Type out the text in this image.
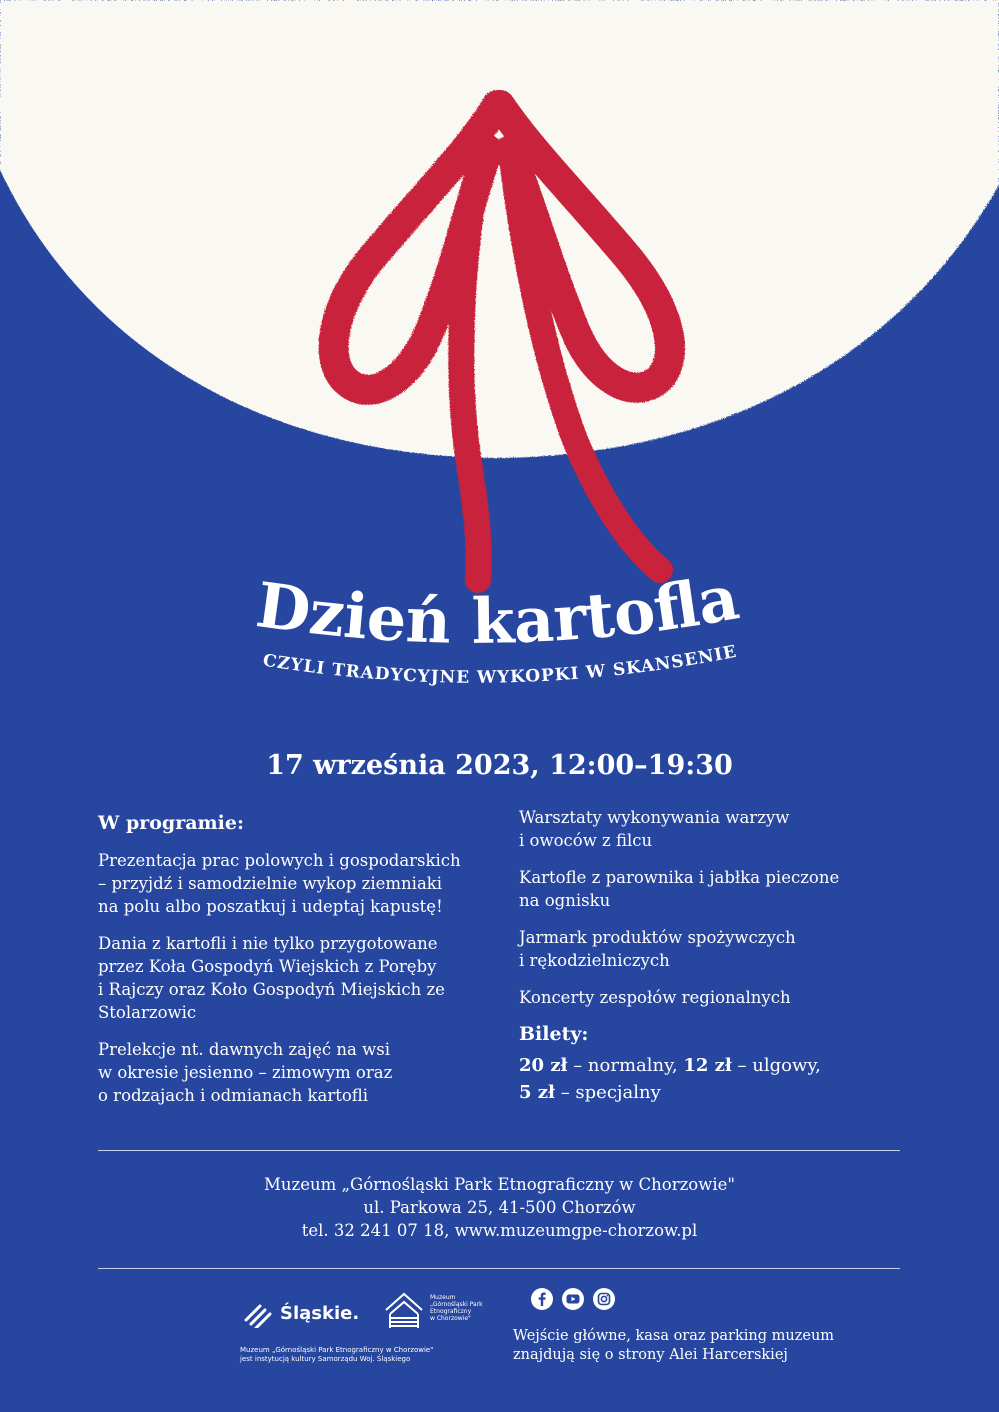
Dzień kartofla
CZYLI TRADYCYJNE WYKOPKI W SKANSENIE
17 września 2023, 12:00–19:30
W programie:

Prezentacja prac polowych i gospodarskich
– przyjdź i samodzielnie wykop ziemniaki
na polu albo poszatkuj i udeptaj kapustę!

Dania z kartofli i nie tylko przygotowane
przez Koła Gospodyń Wiejskich z Poręby
i Rajczy oraz Koło Gospodyń Miejskich ze
Stolarzowic

Prelekcje nt. dawnych zajęć na wsi
w okresie jesienno – zimowym oraz
o rodzajach i odmianach kartofli

Warsztaty wykonywania warzyw
i owoców z filcu

Kartofle z parownika i jabłka pieczone
na ognisku

Jarmark produktów spożywczych
i rękodzielniczych

Koncerty zespołów regionalnych

Bilety:
20 zł – normalny, 12 zł – ulgowy,
5 zł – specjalny
Muzeum „Górnośląski Park Etnograficzny w Chorzowie"
ul. Parkowa 25, 41-500 Chorzów
tel. 32 241 07 18, www.muzeumgpe-chorzow.pl
Śląskie.
Muzeum
„Górnośląski Park
Etnograficzny
w Chorzowie"
Muzeum „Górnośląski Park Etnograficzny w Chorzowie"
jest instytucją kultury Samorządu Woj. Śląskiego
Wejście główne, kasa oraz parking muzeum
znajdują się o strony Alei Harcerskiej
